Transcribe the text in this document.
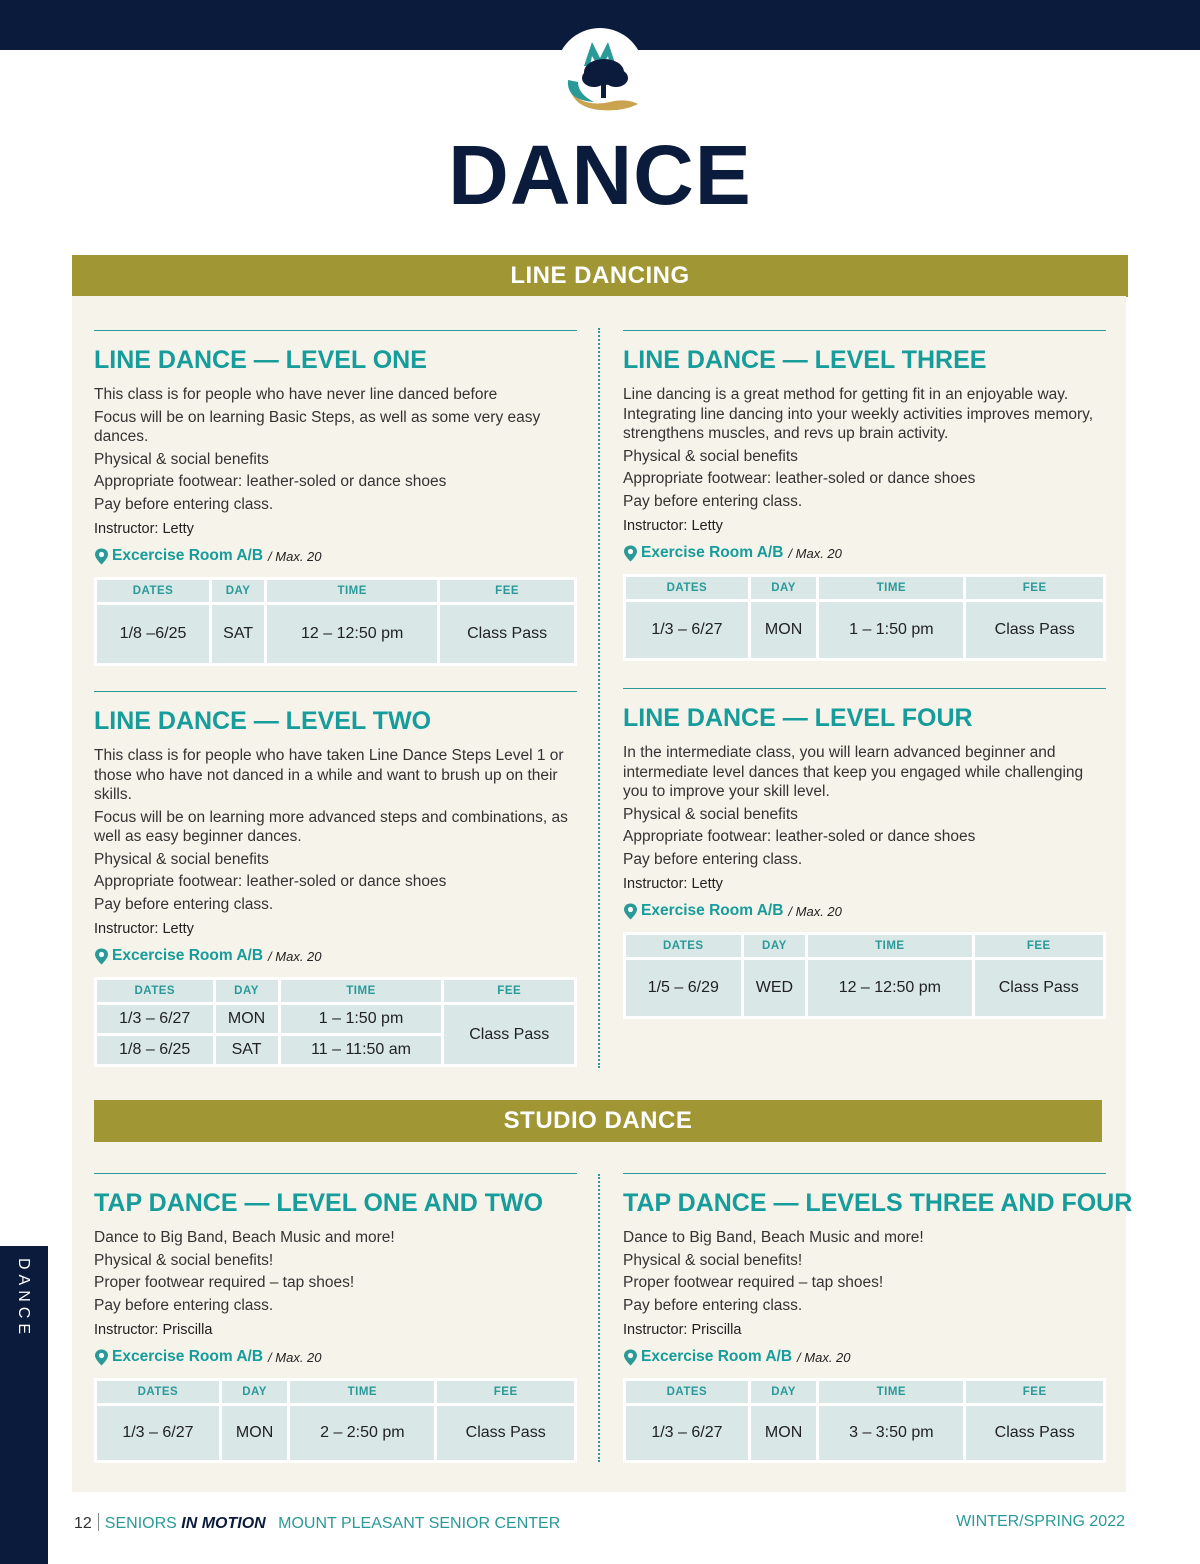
DANCE
LINE DANCING
STUDIO DANCE
LINE DANCE — LEVEL ONE
This class is for people who have never line danced before
Focus will be on learning Basic Steps, as well as some very easy dances.
Physical & social benefits
Appropriate footwear: leather-soled or dance shoes
Pay before entering class.
Instructor: Letty
Excercise Room A/B / Max. 20
DATES	DAY	TIME	FEE
1/8 –6/25	SAT	12 – 12:50 pm	Class Pass
LINE DANCE — LEVEL TWO
This class is for people who have taken Line Dance Steps Level 1 or those who have not danced in a while and want to brush up on their skills.
Focus will be on learning more advanced steps and combinations, as well as easy beginner dances.
Physical & social benefits
Appropriate footwear: leather-soled or dance shoes
Pay before entering class.
Instructor: Letty
Excercise Room A/B / Max. 20
DATES	DAY	TIME	FEE
1/3 – 6/27	MON	1 – 1:50 pm	Class Pass
1/8 – 6/25	SAT	11 – 11:50 am	
LINE DANCE — LEVEL THREE
Line dancing is a great method for getting fit in an enjoyable way. Integrating line dancing into your weekly activities improves memory, strengthens muscles, and revs up brain activity.
Physical & social benefits
Appropriate footwear: leather-soled or dance shoes
Pay before entering class.
Instructor: Letty
Exercise Room A/B / Max. 20
DATES	DAY	TIME	FEE
1/3 – 6/27	MON	1 – 1:50 pm	Class Pass
LINE DANCE — LEVEL FOUR
In the intermediate class, you will learn advanced beginner and intermediate level dances that keep you engaged while challenging you to improve your skill level.
Physical & social benefits
Appropriate footwear: leather-soled or dance shoes
Pay before entering class.
Instructor: Letty
Exercise Room A/B / Max. 20
DATES	DAY	TIME	FEE
1/5 – 6/29	WED	12 – 12:50 pm	Class Pass
TAP DANCE — LEVEL ONE AND TWO
Dance to Big Band, Beach Music and more!
Physical & social benefits!
Proper footwear required – tap shoes!
Pay before entering class.
Instructor: Priscilla
Excercise Room A/B / Max. 20
DATES	DAY	TIME	FEE
1/3 – 6/27	MON	2 – 2:50 pm	Class Pass
TAP DANCE — LEVELS THREE AND FOUR
Dance to Big Band, Beach Music and more!
Physical & social benefits!
Proper footwear required – tap shoes!
Pay before entering class.
Instructor: Priscilla
Excercise Room A/B / Max. 20
DATES	DAY	TIME	FEE
1/3 – 6/27	MON	3 – 3:50 pm	Class Pass
DANCE
12 SENIORS IN MOTION MOUNT PLEASANT SENIOR CENTER	WINTER/SPRING 2022
